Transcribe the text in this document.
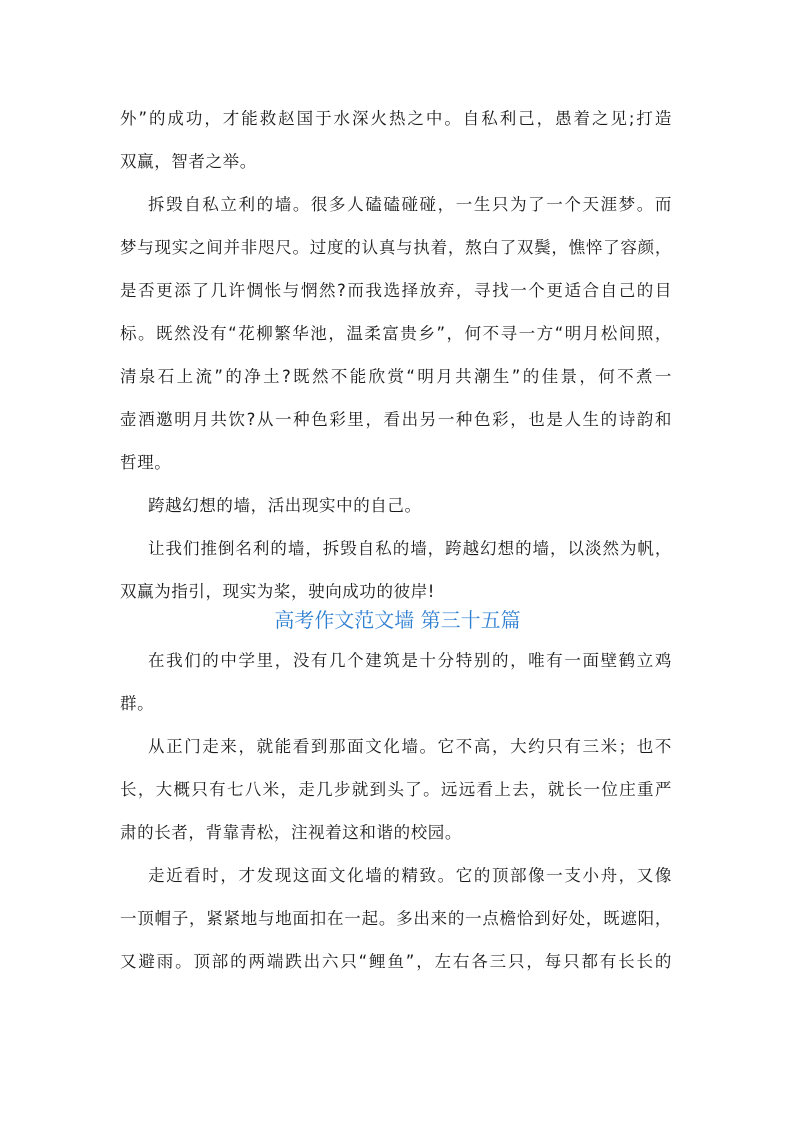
外”的成功，才能救赵国于水深火热之中。自私利己，愚着之见;打造
双赢，智者之举。
拆毁自私立利的墙。很多人磕磕碰碰，一生只为了一个天涯梦。而
梦与现实之间并非咫尺。过度的认真与执着，熬白了双鬓，憔悴了容颜，
是否更添了几许惆怅与惘然?而我选择放弃，寻找一个更适合自己的目
标。既然没有“花柳繁华池，温柔富贵乡”，何不寻一方“明月松间照，
清泉石上流”的净土?既然不能欣赏“明月共潮生”的佳景，何不煮一
壶酒邀明月共饮?从一种色彩里，看出另一种色彩，也是人生的诗韵和
哲理。
跨越幻想的墙，活出现实中的自己。
让我们推倒名利的墙，拆毁自私的墙，跨越幻想的墙，以淡然为帆，
双赢为指引，现实为桨，驶向成功的彼岸!
高考作文范文墙 第三十五篇
在我们的中学里，没有几个建筑是十分特别的，唯有一面壁鹤立鸡
群。
从正门走来，就能看到那面文化墙。它不高，大约只有三米；也不
长，大概只有七八米，走几步就到头了。远远看上去，就长一位庄重严
肃的长者，背靠青松，注视着这和谐的校园。
走近看时，才发现这面文化墙的精致。它的顶部像一支小舟，又像
一顶帽子，紧紧地与地面扣在一起。多出来的一点檐恰到好处，既遮阳，
又避雨。顶部的两端跌出六只“鲤鱼”，左右各三只，每只都有长长的
